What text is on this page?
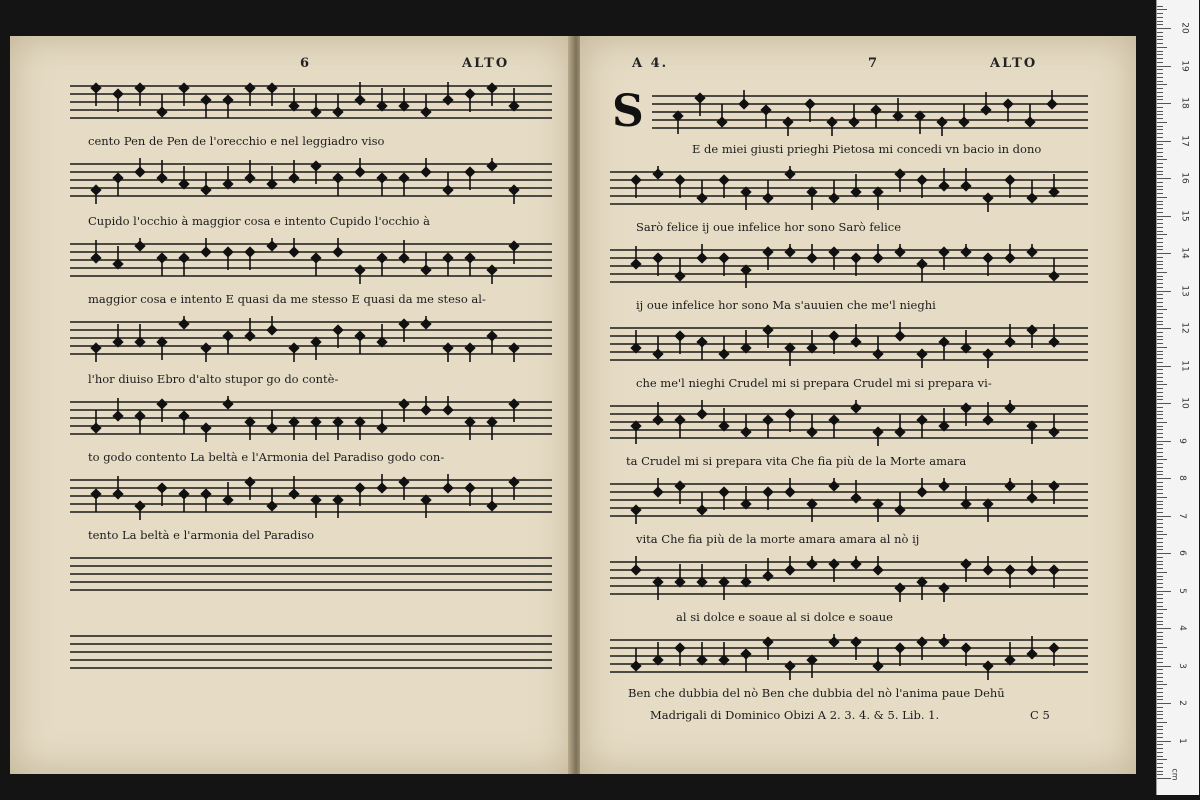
6	ALTO
cento Pen de Pen de l'orecchio e nel leggiadro viso
Cupido l'occhio à maggior cosa e intento Cupido l'occhio à
maggior cosa e intento E quasi da me stesso E quasi da me steso al-
l'hor diuiso Ebro d'alto stupor go do contè-
to godo contento La beltà e l'Armonia del Paradiso godo con-
tento La beltà e l'armonia del Paradiso
A 4.	7	ALTO
S
E de miei giusti prieghi Pietosa mi concedi vn bacio in dono
Sarò felice ij oue infelice hor sono Sarò felice
ij oue infelice hor sono Ma s'auuien che me'l nieghi
che me'l nieghi Crudel mi si prepara Crudel mi si prepara vi-
ta Crudel mi si prepara vita Che fia più de la Morte amara
vita Che fia più de la morte amara amara al nò ij
al si dolce e soaue al si dolce e soaue
Ben che dubbia del nò Ben che dubbia del nò l'anima paue Dehū
Madrigali di Dominico Obizi A 2. 3. 4. & 5. Lib. 1.	C 5
1
2
3
4
5
6
7
8
9
10
11
12
13
14
15
16
17
18
19
20
cm
